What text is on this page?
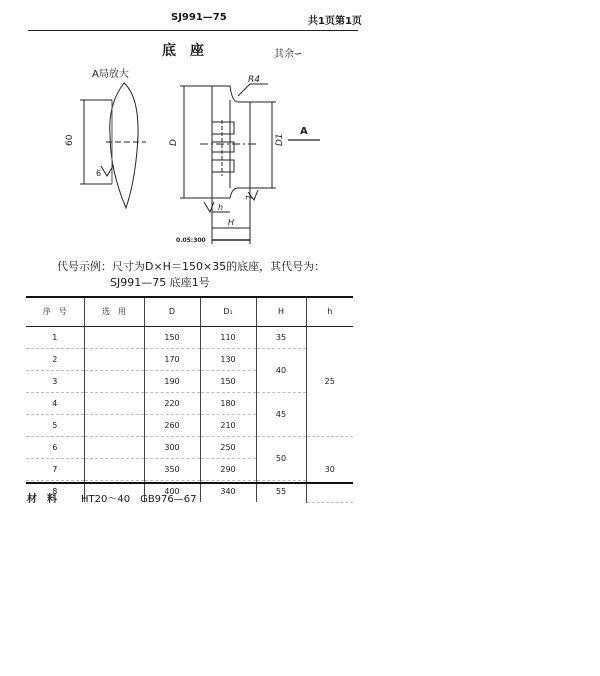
SJ991—75	共1页第1页
底座	其余∽
A局放大
60
6
D	D1
R4
A
7
h
H
0.05:300
代号示例：尺寸为D×H＝150×35的底座，其代号为：
SJ991—75 底座1号
序　号	选　用	D	D₁	H	h
1		150	110	35	25
2		170	130	40	
3		190	150		
4		220	180	45	
5		260	210		
6		300	250	50	30
7		350	290		
8		400	340	55	
材　料 HT20～40　GB976—67
